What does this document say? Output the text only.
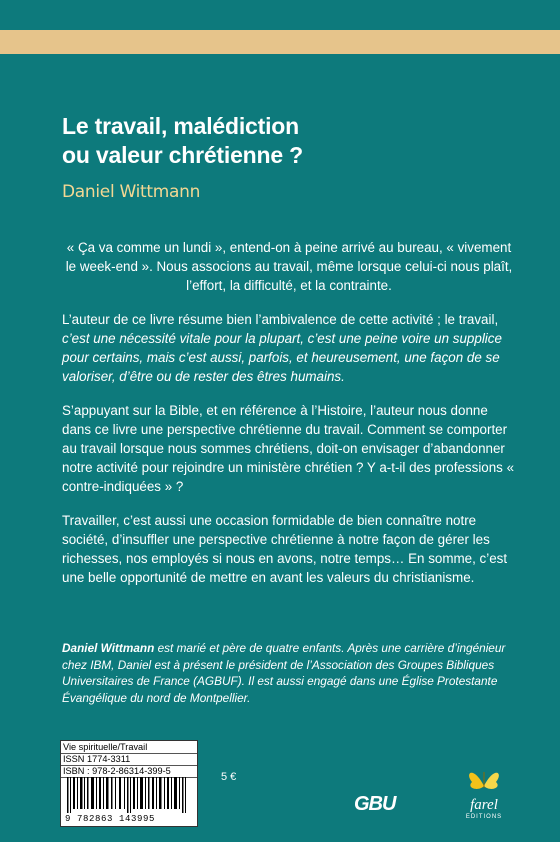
Le travail, malédiction
ou valeur chrétienne ?
Daniel Wittmann

« Ça va comme un lundi », entend-on à peine arrivé au bureau, « vivement le week-end ». Nous associons au travail, même lorsque celui-ci nous plaît, l’effort, la difficulté, et la contrainte.

L’auteur de ce livre résume bien l’ambivalence de cette activité ; le travail, c’est une nécessité vitale pour la plupart, c’est une peine voire un supplice pour certains, mais c’est aussi, parfois, et heureusement, une façon de se valoriser, d’être ou de rester des êtres humains.

S’appuyant sur la Bible, et en référence à l’Histoire, l’auteur nous donne dans ce livre une perspective chrétienne du travail. Comment se comporter au travail lorsque nous sommes chrétiens, doit-on envisager d’abandonner notre activité pour rejoindre un ministère chrétien ? Y a-t-il des professions « contre-indiquées » ?

Travailler, c’est aussi une occasion formidable de bien connaître notre société, d’insuffler une perspective chrétienne à notre façon de gérer les richesses, nos employés si nous en avons, notre temps… En somme, c’est une belle opportunité de mettre en avant les valeurs du christianisme.

Daniel Wittmann est marié et père de quatre enfants. Après une carrière d’ingénieur chez IBM, Daniel est à présent le président de l’Association des Groupes Bibliques Universitaires de France (AGBUF). Il est aussi engagé dans une Église Protestante Évangélique du nord de Montpellier.
Vie spirituelle/Travail
ISSN 1774-3311
ISBN : 978-2-86314-399-5
9 782863 143995
5 €
GBU	farel
EDITIONS
